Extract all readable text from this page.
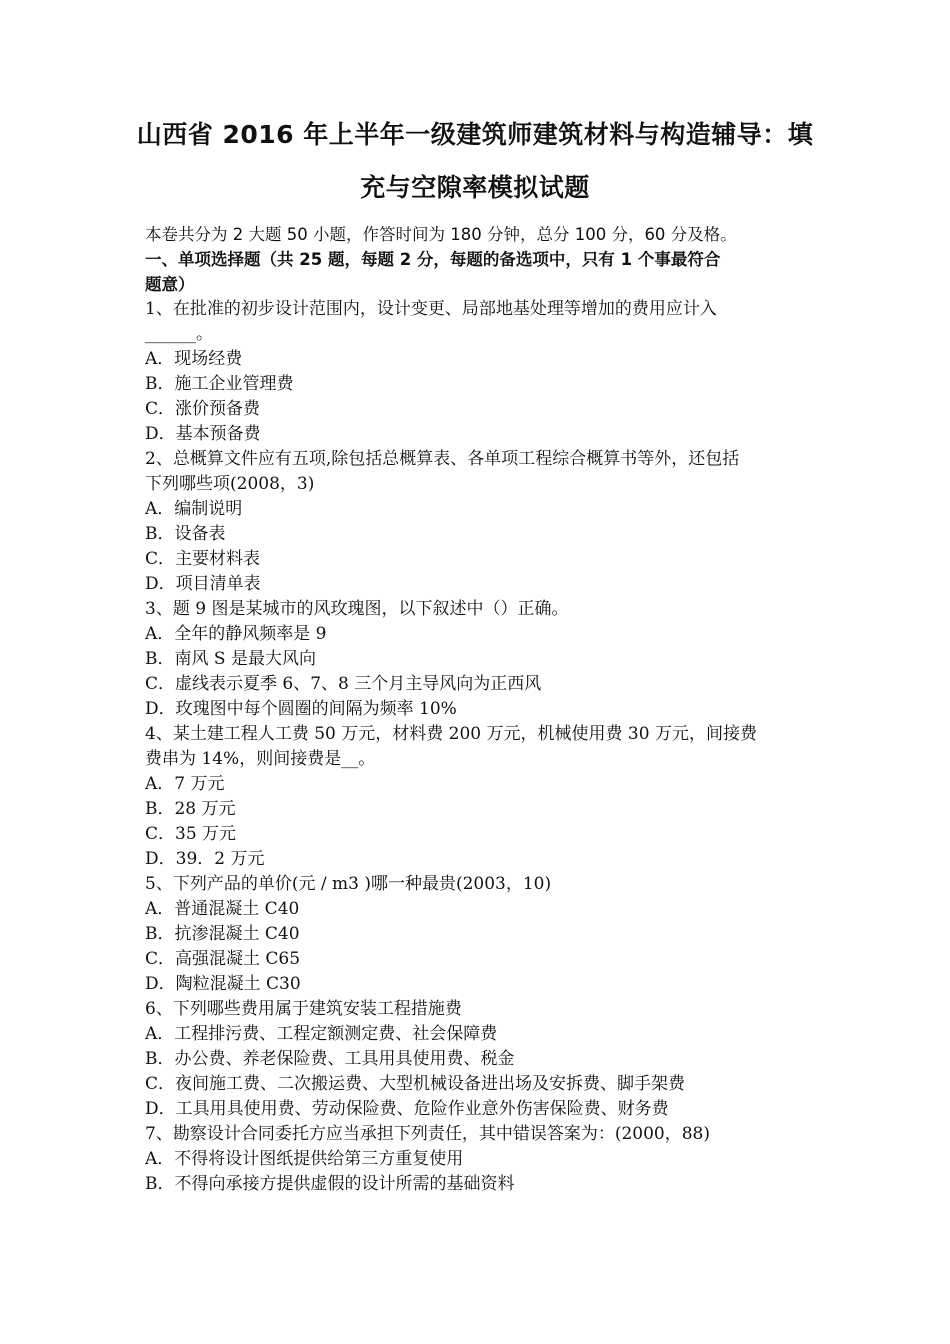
山西省 2016 年上半年一级建筑师建筑材料与构造辅导：填
充与空隙率模拟试题
本卷共分为 2 大题 50 小题，作答时间为 180 分钟，总分 100 分，60 分及格。
一、单项选择题（共 25 题，每题 2 分，每题的备选项中，只有 1 个事最符合
题意）
1、在批准的初步设计范围内，设计变更、局部地基处理等增加的费用应计入
______。
A．现场经费
B．施工企业管理费
C．涨价预备费
D．基本预备费
2、总概算文件应有五项,除包括总概算表、各单项工程综合概算书等外，还包括
下列哪些项(2008，3)
A．编制说明
B．设备表
C．主要材料表
D．项目清单表
3、题 9 图是某城市的风玫瑰图，以下叙述中（）正确。
A．全年的静风频率是 9
B．南风 S 是最大风向
C．虚线表示夏季 6、7、8 三个月主导风向为正西风
D．玫瑰图中每个圆圈的间隔为频率 10%
4、某土建工程人工费 50 万元，材料费 200 万元，机械使用费 30 万元，间接费
费串为 14%，则间接费是__。
A．7 万元
B．28 万元
C．35 万元
D．39．2 万元
5、下列产品的单价(元 / m3 )哪一种最贵(2003，10)
A．普通混凝土 C40
B．抗渗混凝土 C40
C．高强混凝土 C65
D．陶粒混凝土 C30
6、下列哪些费用属于建筑安装工程措施费
A．工程排污费、工程定额测定费、社会保障费
B．办公费、养老保险费、工具用具使用费、税金
C．夜间施工费、二次搬运费、大型机械设备进出场及安拆费、脚手架费
D．工具用具使用费、劳动保险费、危险作业意外伤害保险费、财务费
7、勘察设计合同委托方应当承担下列责任，其中错误答案为：(2000，88)
A．不得将设计图纸提供给第三方重复使用
B．不得向承接方提供虚假的设计所需的基础资料
